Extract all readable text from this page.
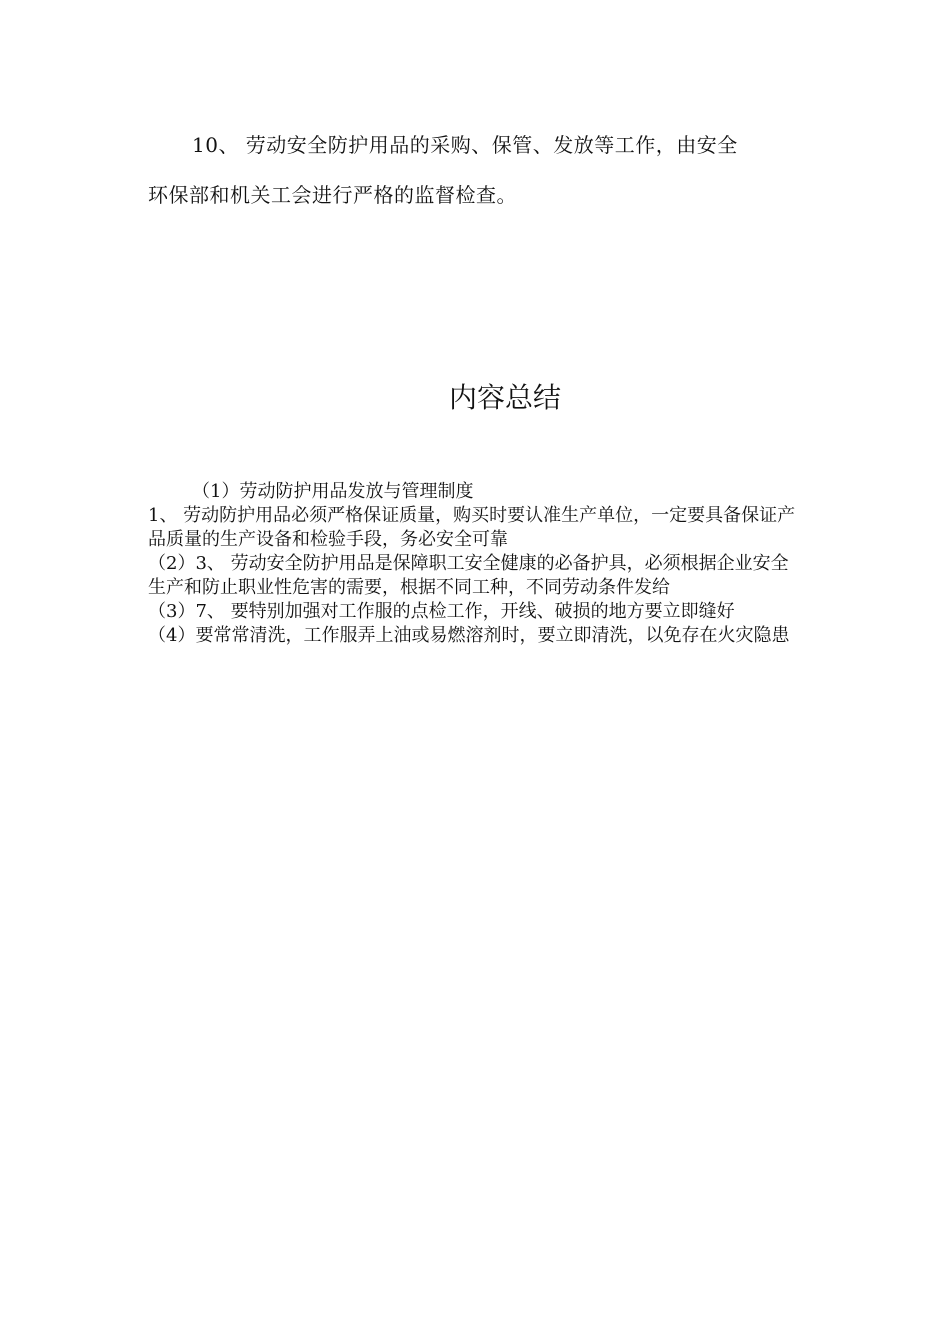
10、 劳动安全防护用品的采购、保管、发放等工作，由安全
环保部和机关工会进行严格的监督检查。
内容总结

（1）劳动防护用品发放与管理制度

1、 劳动防护用品必须严格保证质量，购买时要认准生产单位，一定要具备保证产品质量的生产设备和检验手段，务必安全可靠

（2）3、 劳动安全防护用品是保障职工安全健康的必备护具，必须根据企业安全生产和防止职业性危害的需要，根据不同工种，不同劳动条件发给

（3）7、 要特别加强对工作服的点检工作，开线、破损的地方要立即缝好

（4）要常常清洗，工作服弄上油或易燃溶剂时，要立即清洗，以免存在火灾隐患
